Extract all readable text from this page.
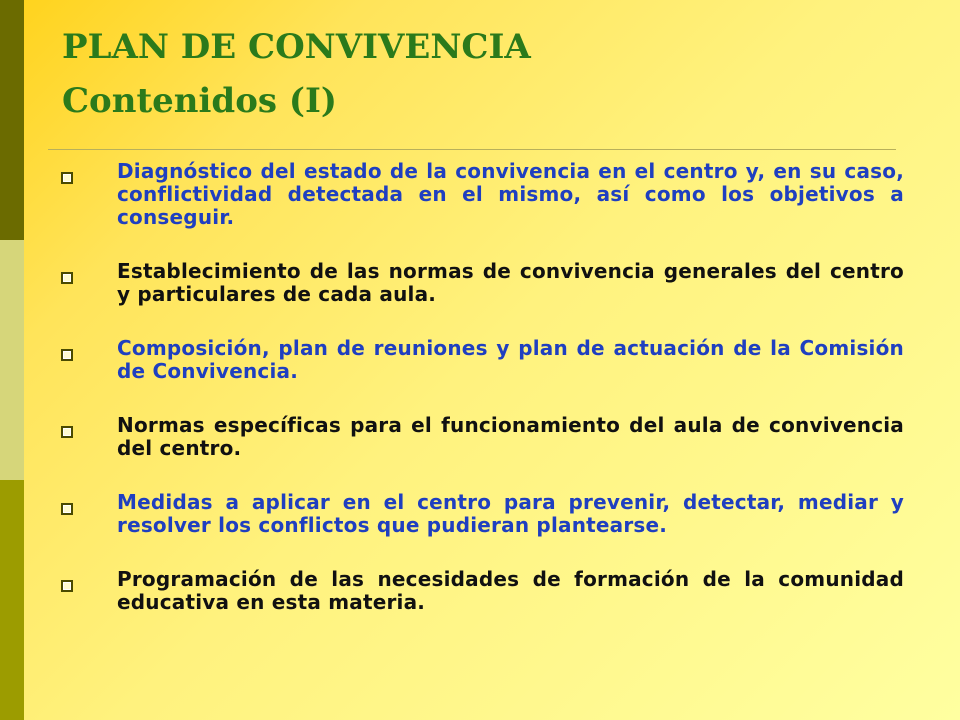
PLAN DE CONVIVENCIA
Contenidos (I)
Diagnóstico del estado de la convivencia en el centro y, en su caso, conflictividad detectada en el mismo, así como los objetivos a conseguir.
Establecimiento de las normas de convivencia generales del centro y particulares de cada aula.
Composición, plan de reuniones y plan de actuación de la Comisión de Convivencia.
Normas específicas para el funcionamiento del aula de convivencia del centro.
Medidas a aplicar en el centro para prevenir, detectar, mediar y resolver los conflictos que pudieran plantearse.
Programación de las necesidades de formación de la comunidad educativa en esta materia.
